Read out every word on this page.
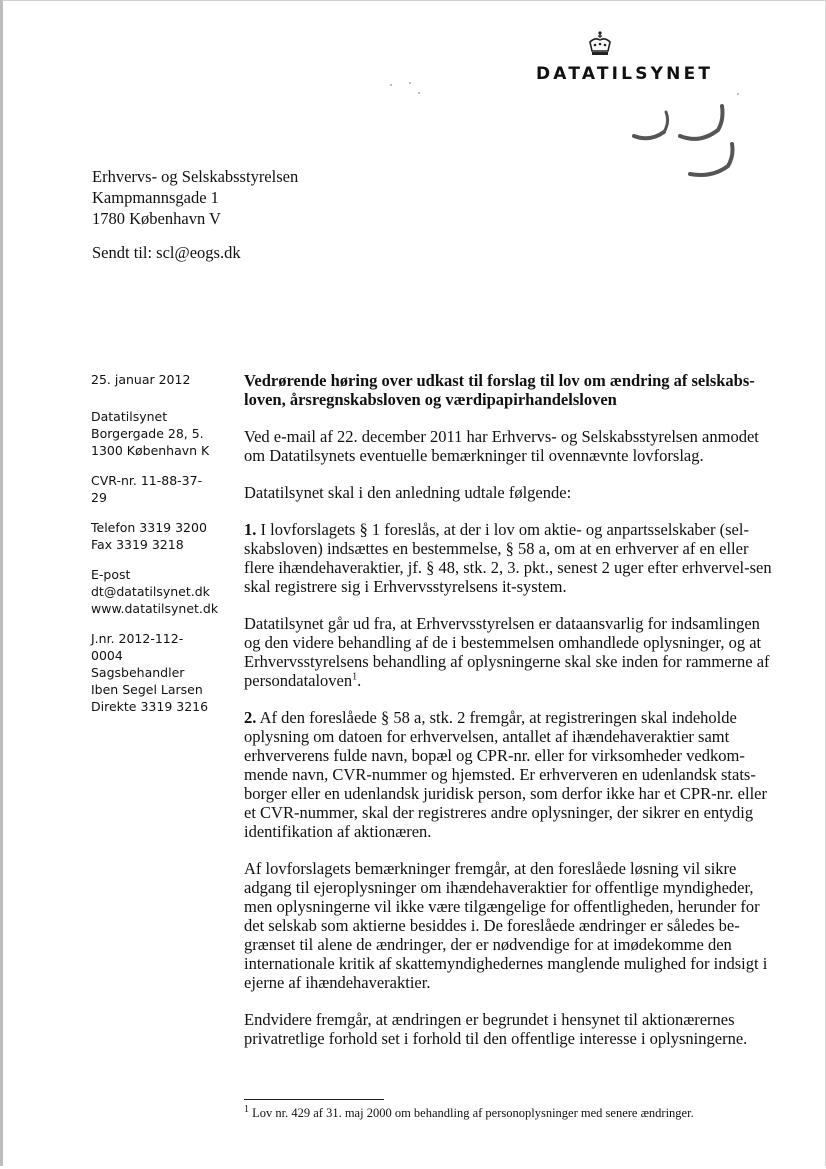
DATATILSYNET
Erhvervs- og Selskabsstyrelsen
Kampmannsgade 1
1780 København V
Sendt til: scl@eogs.dk
25. januar 2012
Datatilsynet
Borgergade 28, 5.
1300 København K
CVR-nr. 11-88-37-29
Telefon 3319 3200
Fax 3319 3218
E-post
dt@datatilsynet.dk
www.datatilsynet.dk
J.nr. 2012-112-0004
Sagsbehandler
Iben Segel Larsen
Direkte 3319 3216

Vedrørende høring over udkast til forslag til lov om ændring af selskabs-loven, årsregnskabsloven og værdipapirhandelsloven

Ved e-mail af 22. december 2011 har Erhvervs- og Selskabsstyrelsen anmodet om Datatilsynets eventuelle bemærkninger til ovennævnte lovforslag.

Datatilsynet skal i den anledning udtale følgende:

1. I lovforslagets § 1 foreslås, at der i lov om aktie- og anpartsselskaber (sel-skabsloven) indsættes en bestemmelse, § 58 a, om at en erhverver af en eller flere ihændehaveraktier, jf. § 48, stk. 2, 3. pkt., senest 2 uger efter erhvervel-sen skal registrere sig i Erhvervsstyrelsens it-system.

Datatilsynet går ud fra, at Erhvervsstyrelsen er dataansvarlig for indsamlingen og den videre behandling af de i bestemmelsen omhandlede oplysninger, og at Erhvervsstyrelsens behandling af oplysningerne skal ske inden for rammerne af persondataloven$^1$.

2. Af den foreslåede § 58 a, stk. 2 fremgår, at registreringen skal indeholde oplysning om datoen for erhvervelsen, antallet af ihændehaveraktier samt erhververens fulde navn, bopæl og CPR-nr. eller for virksomheder vedkom-mende navn, CVR-nummer og hjemsted. Er erhververen en udenlandsk stats-borger eller en udenlandsk juridisk person, som derfor ikke har et CPR-nr. eller et CVR-nummer, skal der registreres andre oplysninger, der sikrer en entydig identifikation af aktionæren.

Af lovforslagets bemærkninger fremgår, at den foreslåede løsning vil sikre adgang til ejeroplysninger om ihændehaveraktier for offentlige myndigheder, men oplysningerne vil ikke være tilgængelige for offentligheden, herunder for det selskab som aktierne besiddes i. De foreslåede ændringer er således be-grænset til alene de ændringer, der er nødvendige for at imødekomme den internationale kritik af skattemyndighedernes manglende mulighed for indsigt i ejerne af ihændehaveraktier.

Endvidere fremgår, at ændringen er begrundet i hensynet til aktionærernes privatretlige forhold set i forhold til den offentlige interesse i oplysningerne.

$^1$ Lov nr. 429 af 31. maj 2000 om behandling af personoplysninger med senere ændringer.
